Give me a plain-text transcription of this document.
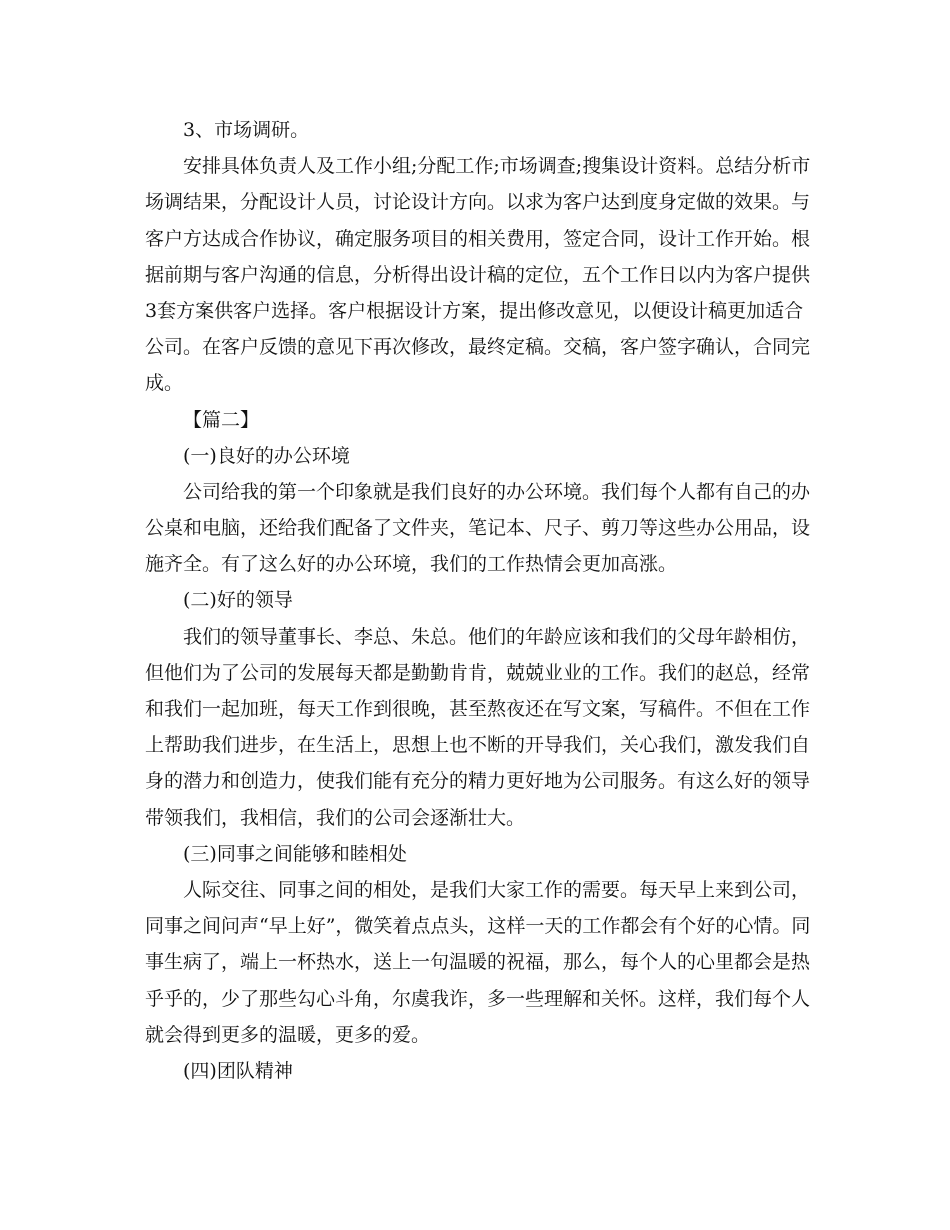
3、市场调研。
安排具体负责人及工作小组;分配工作;市场调查;搜集设计资料。总结分析市
场调结果，分配设计人员，讨论设计方向。以求为客户达到度身定做的效果。与
客户方达成合作协议，确定服务项目的相关费用，签定合同，设计工作开始。根
据前期与客户沟通的信息，分析得出设计稿的定位，五个工作日以内为客户提供
3套方案供客户选择。客户根据设计方案，提出修改意见，以便设计稿更加适合
公司。在客户反馈的意见下再次修改，最终定稿。交稿，客户签字确认，合同完
成。
【篇二】
(一)良好的办公环境
公司给我的第一个印象就是我们良好的办公环境。我们每个人都有自己的办
公桌和电脑，还给我们配备了文件夹，笔记本、尺子、剪刀等这些办公用品，设
施齐全。有了这么好的办公环境，我们的工作热情会更加高涨。
(二)好的领导
我们的领导董事长、李总、朱总。他们的年龄应该和我们的父母年龄相仿，
但他们为了公司的发展每天都是勤勤肯肯，兢兢业业的工作。我们的赵总，经常
和我们一起加班，每天工作到很晚，甚至熬夜还在写文案，写稿件。不但在工作
上帮助我们进步，在生活上，思想上也不断的开导我们，关心我们，激发我们自
身的潜力和创造力，使我们能有充分的精力更好地为公司服务。有这么好的领导
带领我们，我相信，我们的公司会逐渐壮大。
(三)同事之间能够和睦相处
人际交往、同事之间的相处，是我们大家工作的需要。每天早上来到公司，
同事之间问声“早上好”，微笑着点点头，这样一天的工作都会有个好的心情。同
事生病了，端上一杯热水，送上一句温暖的祝福，那么，每个人的心里都会是热
乎乎的，少了那些勾心斗角，尔虞我诈，多一些理解和关怀。这样，我们每个人
就会得到更多的温暖，更多的爱。
(四)团队精神
